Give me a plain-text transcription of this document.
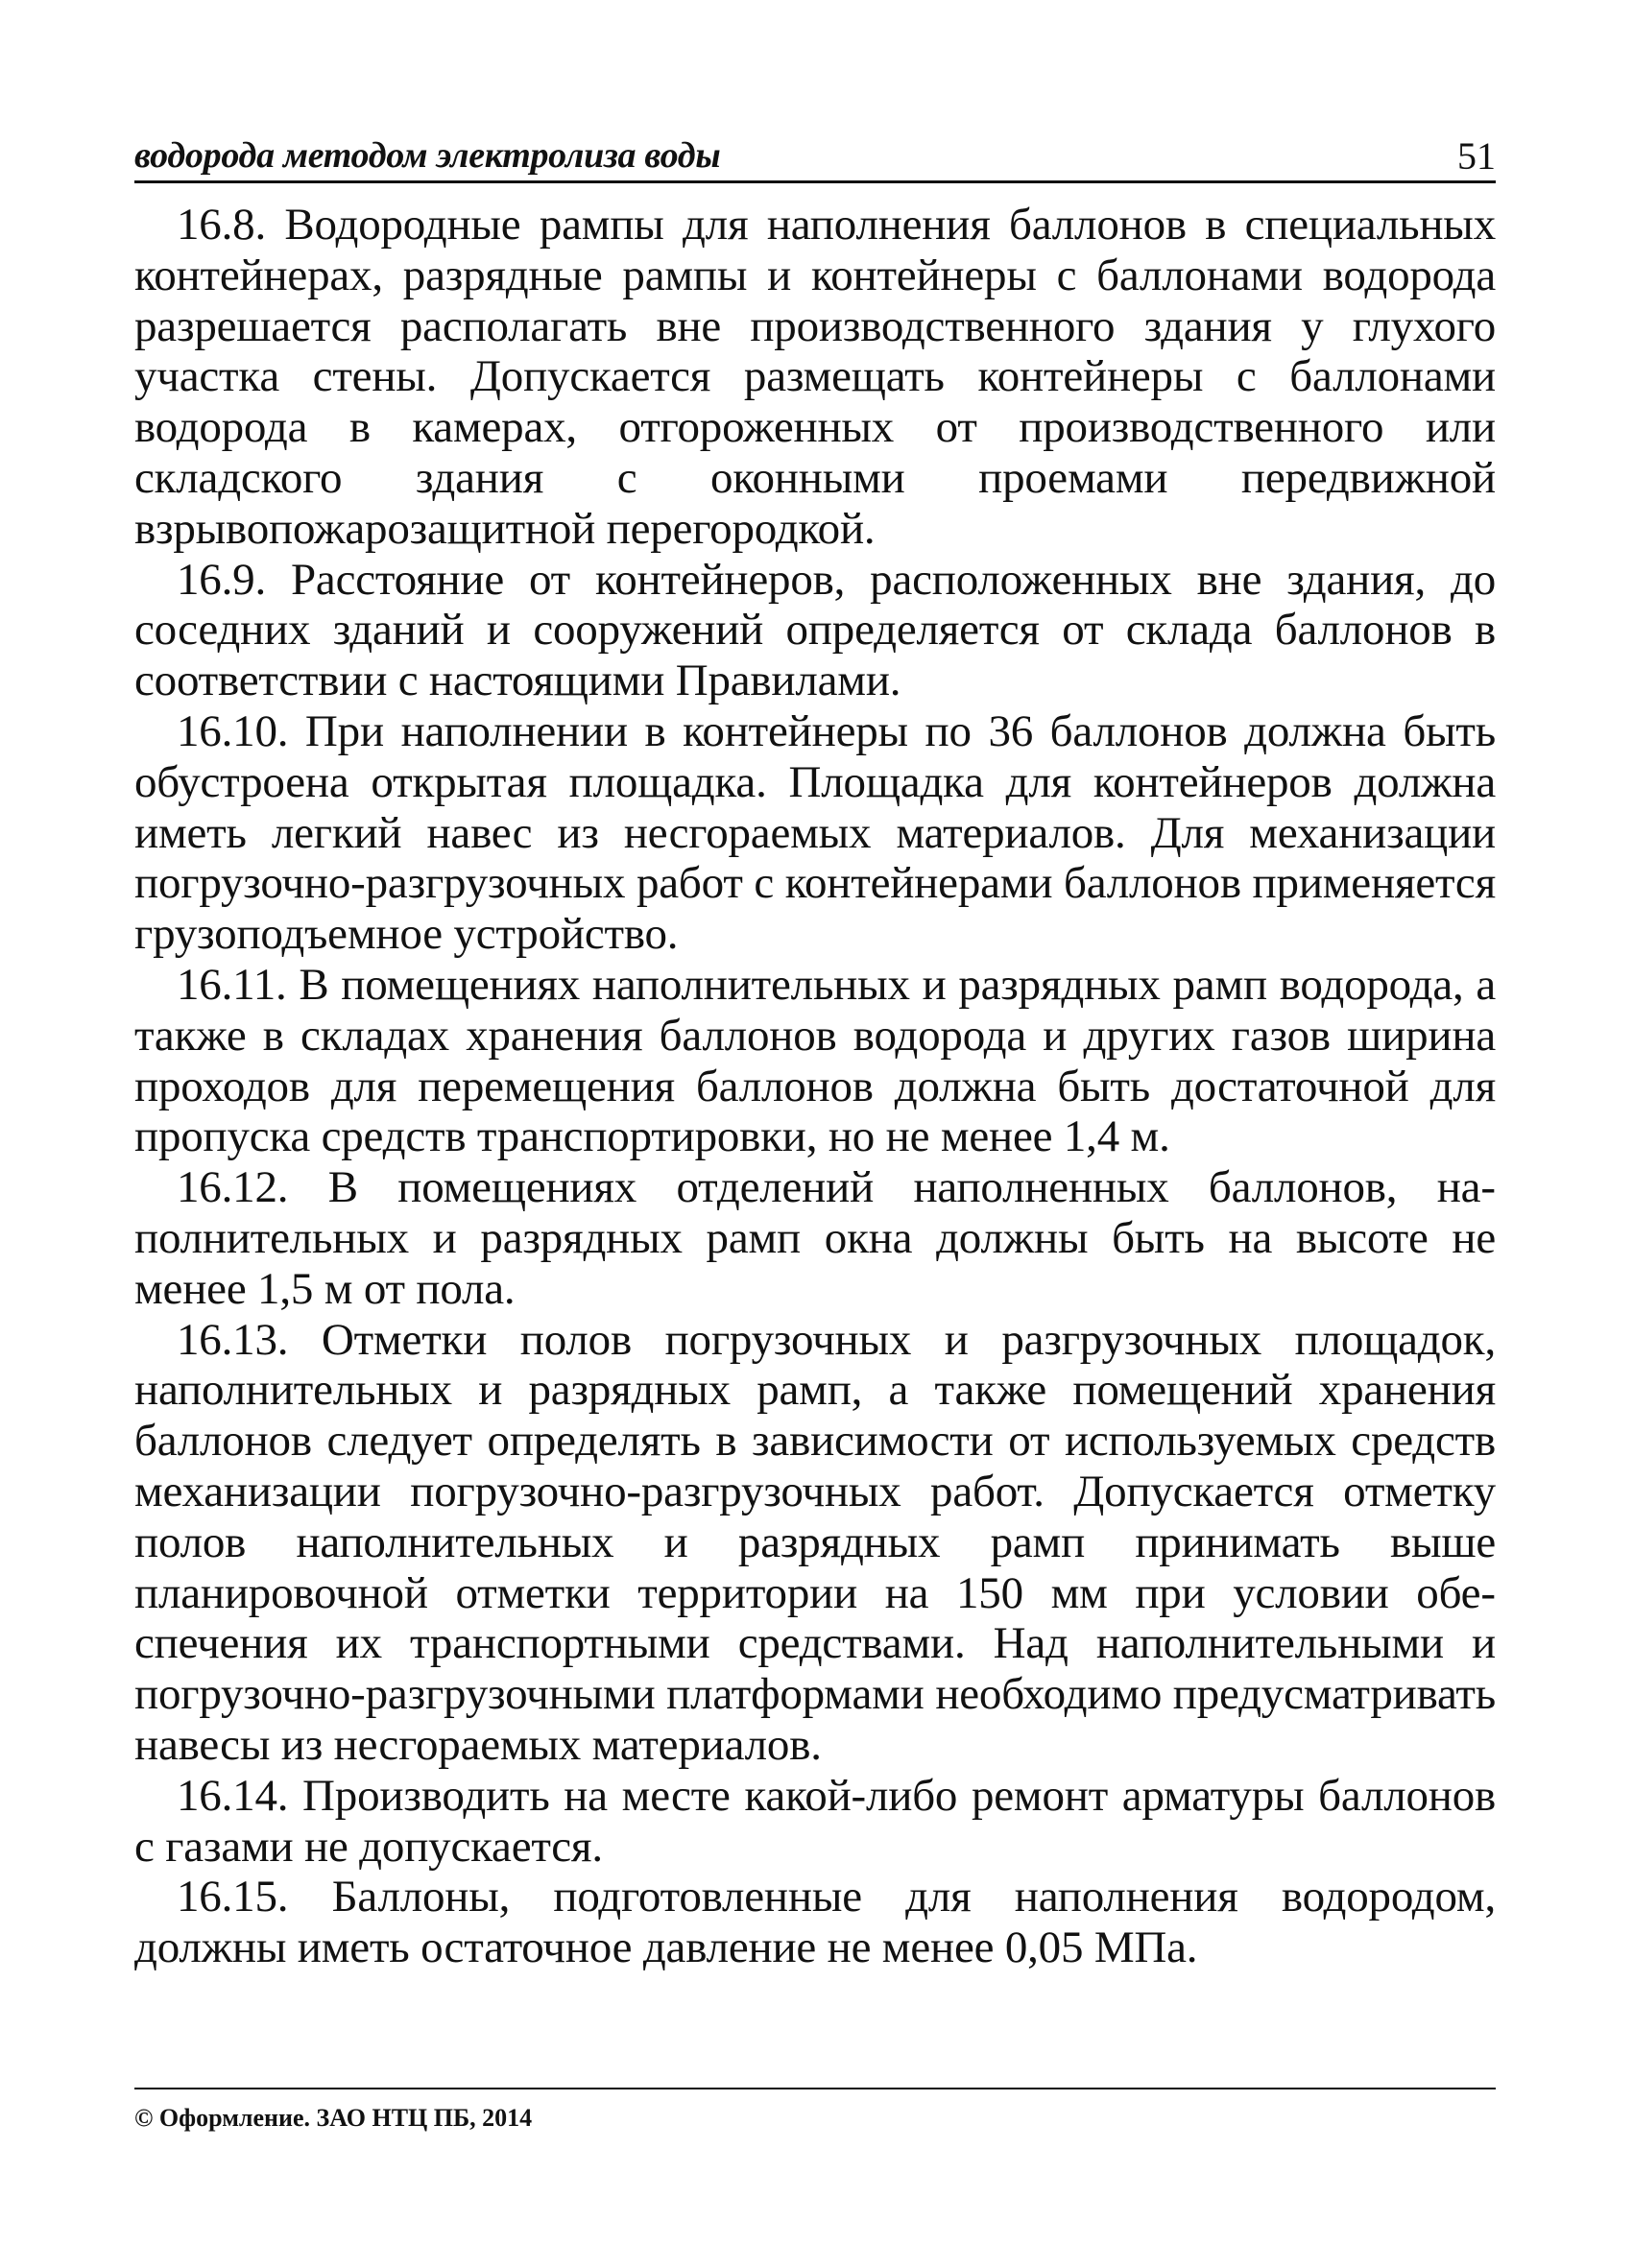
водорода методом электролиза воды	51

16.8. Водородные рампы для наполнения баллонов в специальных контейнерах, разрядные рампы и контейнеры с баллонами водорода разрешается располагать вне производственного здания у глухого участка стены. Допускается размещать контейнеры с баллонами водорода в камерах, отгороженных от производственного или складского здания с оконными проемами передвижной взрывопожарозащитной перегородкой.

16.9. Расстояние от контейнеров, расположенных вне здания, до соседних зданий и сооружений определяется от склада баллонов в соответствии с настоящими Правилами.

16.10. При наполнении в контейнеры по 36 баллонов должна быть обустроена открытая площадка. Площадка для контейнеров должна иметь легкий навес из несгораемых материалов. Для механизации погрузочно-разгрузочных работ с контейнерами баллонов применяется грузоподъемное устройство.

16.11. В помещениях наполнительных и разрядных рамп водорода, а также в складах хранения баллонов водорода и других газов ширина проходов для перемещения баллонов должна быть достаточной для пропуска средств транспортировки, но не менее 1,4 м.

16.12. В помещениях отделений наполненных баллонов, наполнительных и разрядных рамп окна должны быть на высоте не менее 1,5 м от пола.

16.13. Отметки полов погрузочных и разгрузочных площадок, наполнительных и разрядных рамп, а также помещений хранения баллонов следует определять в зависимости от используемых средств механизации погрузочно-разгрузочных работ. Допускается отметку полов наполнительных и разрядных рамп принимать выше планировочной отметки территории на 150 мм при условии обеспечения их транспортными средствами. Над наполнительными и погрузочно-разгрузочными платформами необходимо предусматривать навесы из несгораемых материалов.

16.14. Производить на месте какой-либо ремонт арматуры баллонов с газами не допускается.

16.15. Баллоны, подготовленные для наполнения водородом, должны иметь остаточное давление не менее 0,05 МПа.

© Оформление. ЗАО НТЦ ПБ, 2014
